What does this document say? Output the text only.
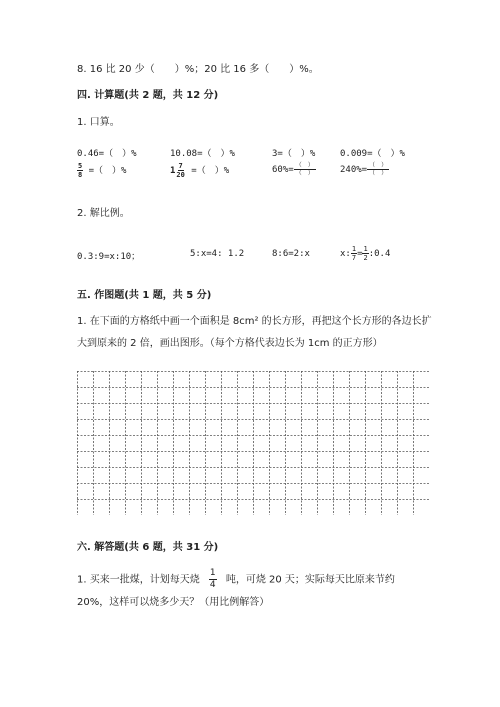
8. 16 比 20 少（　　）%；20 比 16 多（　　）%。
四. 计算题(共 2 题，共 12 分)
1. 口算。
0.46=（　）%	10.08=（　）%	3=（　）%	0.009=（　）%
$\frac{5}{8}$ =（　）%	$1 \frac{7}{20}$ =（　）%	$60\%= \frac{( )}{( )}$	$240\%= \frac{( )}{( )}$
2. 解比例。
0.3:9=x:10；	5:x=4: 1.2	8:6=2:x	x: $\frac{1}{7} = \frac{1}{2}$ :0.4
五. 作图题(共 1 题，共 5 分)
1. 在下面的方格纸中画一个面积是 8cm² 的长方形，再把这个长方形的各边长扩
大到原来的 2 倍，画出图形。（每个方格代表边长为 1cm 的正方形）
六. 解答题(共 6 题，共 31 分)
1. 买来一批煤，计划每天烧 $\frac{1}{4}$ 吨，可烧 20 天；实际每天比原来节约
20%，这样可以烧多少天？（用比例解答）
